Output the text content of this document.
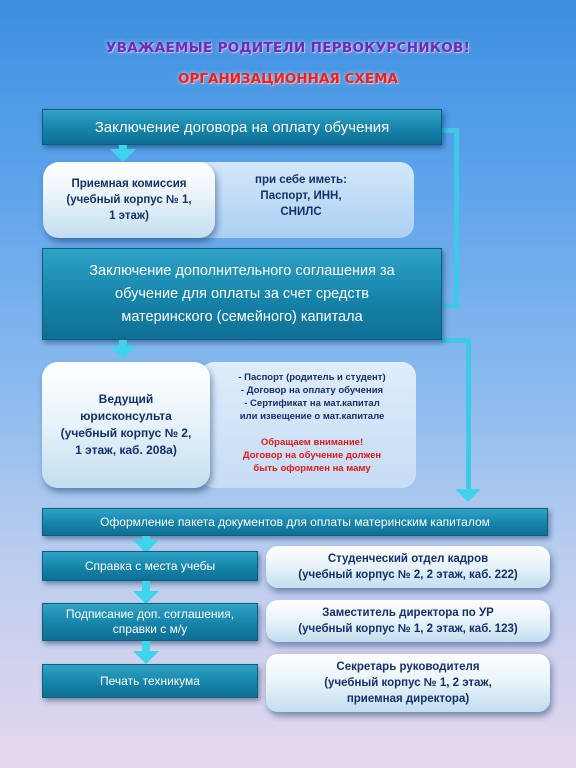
УВАЖАЕМЫЕ РОДИТЕЛИ ПЕРВОКУРСНИКОВ!
ОРГАНИЗАЦИОННАЯ СХЕМА
Заключение договора на оплату обучения
Приемная комиссия
(учебный корпус № 1,
1 этаж)
при себе иметь:
Паспорт, ИНН,
СНИЛС
Заключение дополнительного соглашения за
обучение для оплаты за счет средств
материнского (семейного) капитала
Ведущий
юрисконсульта
(учебный корпус № 2,
1 этаж, каб. 208а)
- Паспорт (родитель и студент)
- Договор на оплату обучения
- Сертификат на мат.капитал
или извещение о мат.капитале
Обращаем внимание!
Договор на обучение должен
быть оформлен на маму
Оформление пакета документов для оплаты материнским капиталом
Справка с места учебы	Студенческий отдел кадров
(учебный корпус № 2, 2 этаж, каб. 222)
Подписание доп. соглашения,
справки с м/у
Заместитель директора по УР
(учебный корпус № 1, 2 этаж, каб. 123)
Печать техникума
Секретарь руководителя
(учебный корпус № 1, 2 этаж,
приемная директора)
